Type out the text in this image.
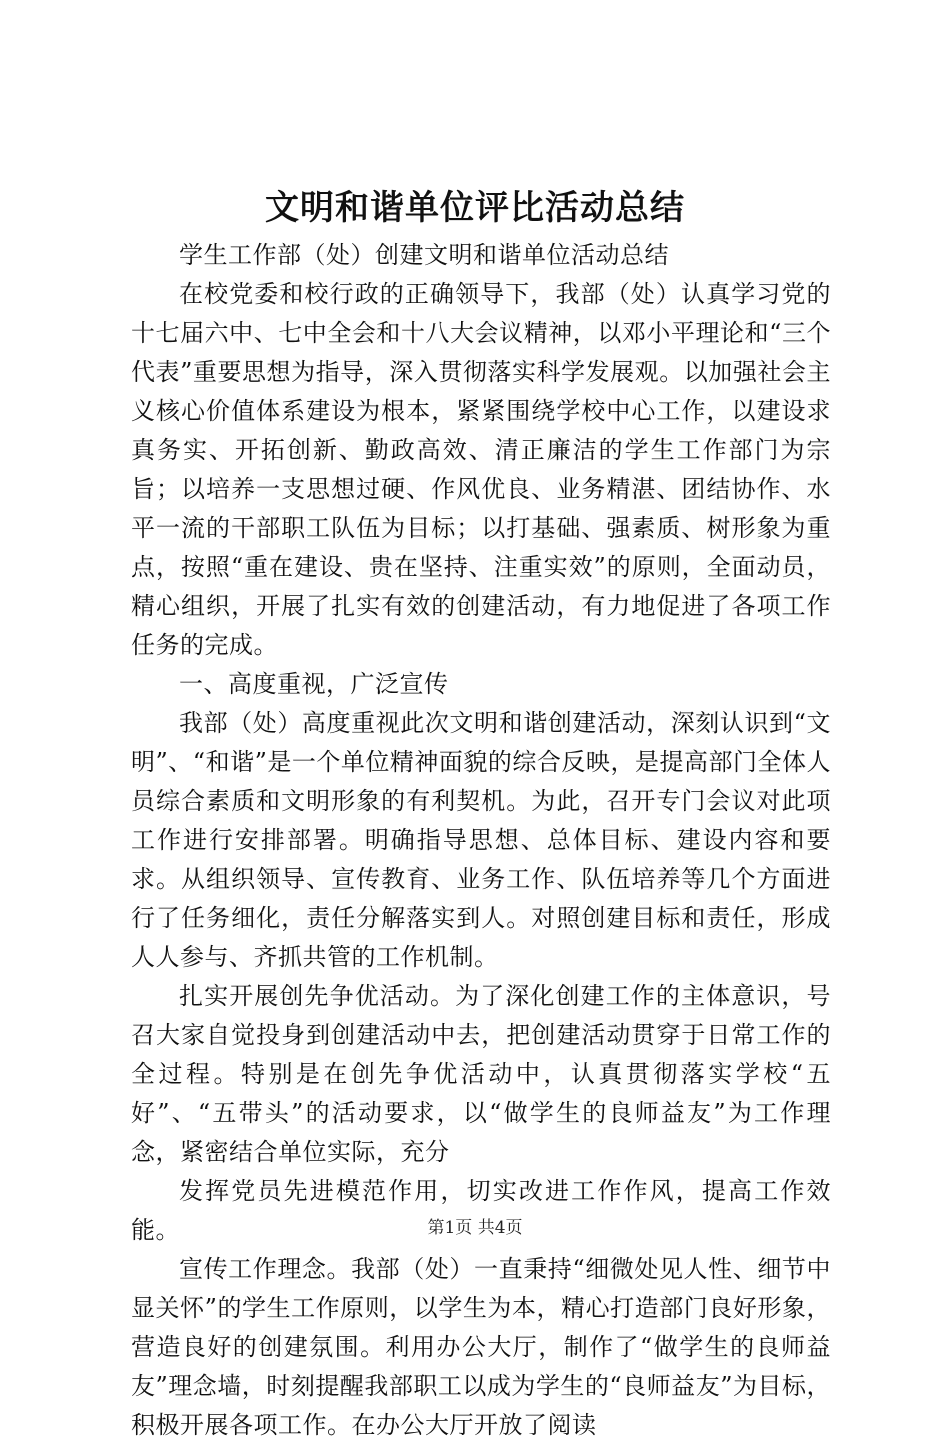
文明和谐单位评比活动总结

学生工作部（处）创建文明和谐单位活动总结

在校党委和校行政的正确领导下，我部（处）认真学习党的十七届六中、七中全会和十八大会议精神，以邓小平理论和“三个代表”重要思想为指导，深入贯彻落实科学发展观。以加强社会主义核心价值体系建设为根本，紧紧围绕学校中心工作，以建设求真务实、开拓创新、勤政高效、清正廉洁的学生工作部门为宗旨；以培养一支思想过硬、作风优良、业务精湛、团结协作、水平一流的干部职工队伍为目标；以打基础、强素质、树形象为重点，按照“重在建设、贵在坚持、注重实效”的原则，全面动员，精心组织，开展了扎实有效的创建活动，有力地促进了各项工作任务的完成。

一、高度重视，广泛宣传

我部（处）高度重视此次文明和谐创建活动，深刻认识到“文明”、“和谐”是一个单位精神面貌的综合反映，是提高部门全体人员综合素质和文明形象的有利契机。为此，召开专门会议对此项工作进行安排部署。明确指导思想、总体目标、建设内容和要求。从组织领导、宣传教育、业务工作、队伍培养等几个方面进行了任务细化，责任分解落实到人。对照创建目标和责任，形成人人参与、齐抓共管的工作机制。

扎实开展创先争优活动。为了深化创建工作的主体意识，号召大家自觉投身到创建活动中去，把创建活动贯穿于日常工作的全过程。特别是在创先争优活动中，认真贯彻落实学校“五好”、“五带头”的活动要求，以“做学生的良师益友”为工作理念，紧密结合单位实际，充分

发挥党员先进模范作用，切实改进工作作风，提高工作效能。

宣传工作理念。我部（处）一直秉持“细微处见人性、细节中显关怀”的学生工作原则，以学生为本，精心打造部门良好形象，营造良好的创建氛围。利用办公大厅，制作了“做学生的良师益友”理念墙，时刻提醒我部职工以成为学生的“良师益友”为目标，积极开展各项工作。在办公大厅开放了阅读

第1页 共4页
